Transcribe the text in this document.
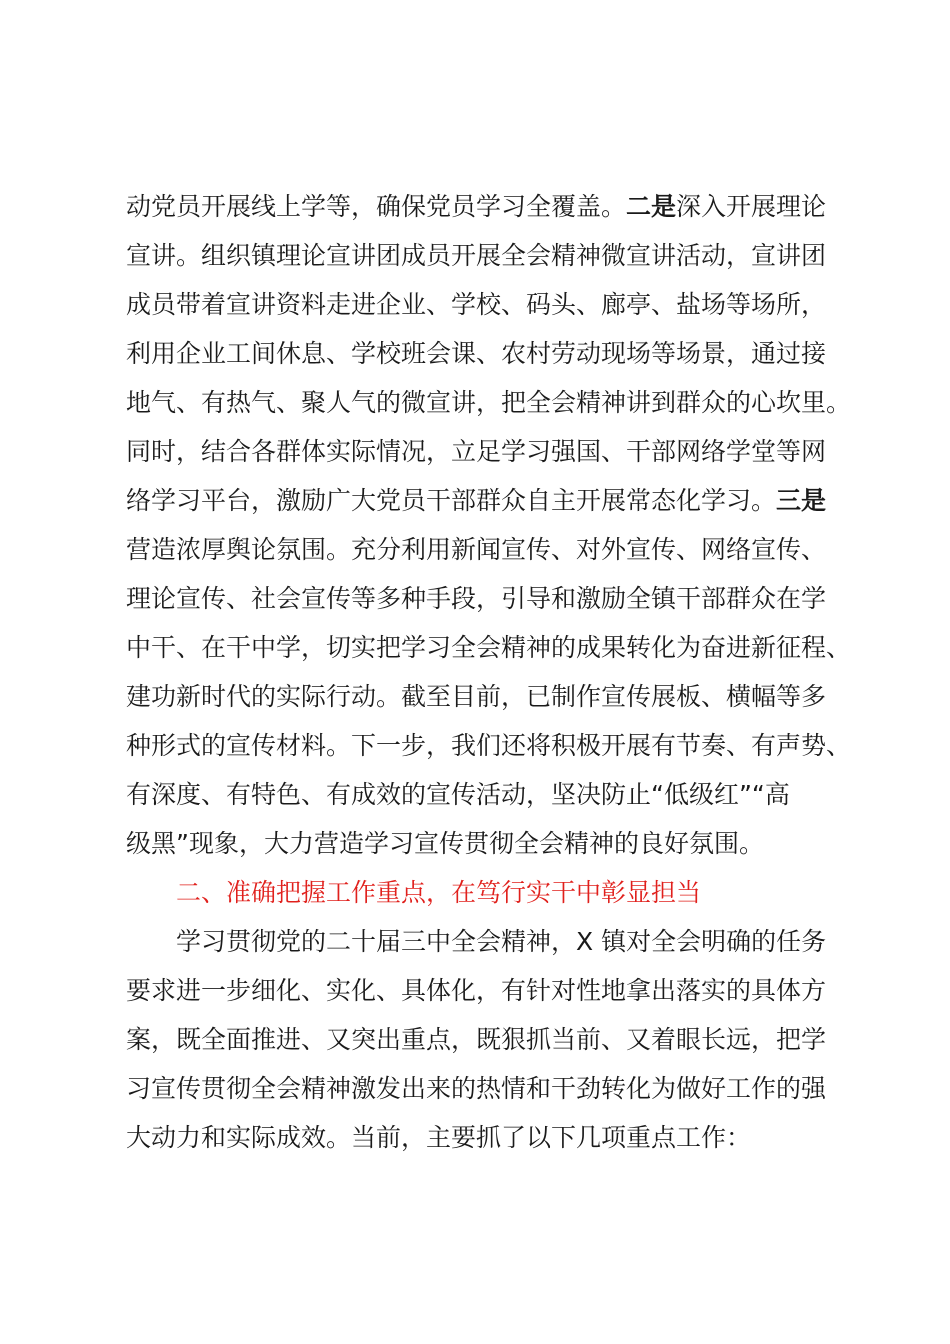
动党员开展线上学等，确保党员学习全覆盖。二是深入开展理论
宣讲。组织镇理论宣讲团成员开展全会精神微宣讲活动，宣讲团
成员带着宣讲资料走进企业、学校、码头、廊亭、盐场等场所，
利用企业工间休息、学校班会课、农村劳动现场等场景，通过接
地气、有热气、聚人气的微宣讲，把全会精神讲到群众的心坎里。
同时，结合各群体实际情况，立足学习强国、干部网络学堂等网
络学习平台，激励广大党员干部群众自主开展常态化学习。三是
营造浓厚舆论氛围。充分利用新闻宣传、对外宣传、网络宣传、
理论宣传、社会宣传等多种手段，引导和激励全镇干部群众在学
中干、在干中学，切实把学习全会精神的成果转化为奋进新征程、
建功新时代的实际行动。截至目前，已制作宣传展板、横幅等多
种形式的宣传材料。下一步，我们还将积极开展有节奏、有声势、
有深度、有特色、有成效的宣传活动，坚决防止“低级红”“高
级黑”现象，大力营造学习宣传贯彻全会精神的良好氛围。
二、准确把握工作重点，在笃行实干中彰显担当
学习贯彻党的二十届三中全会精神，X 镇对全会明确的任务
要求进一步细化、实化、具体化，有针对性地拿出落实的具体方
案，既全面推进、又突出重点，既狠抓当前、又着眼长远，把学
习宣传贯彻全会精神激发出来的热情和干劲转化为做好工作的强
大动力和实际成效。当前，主要抓了以下几项重点工作：
